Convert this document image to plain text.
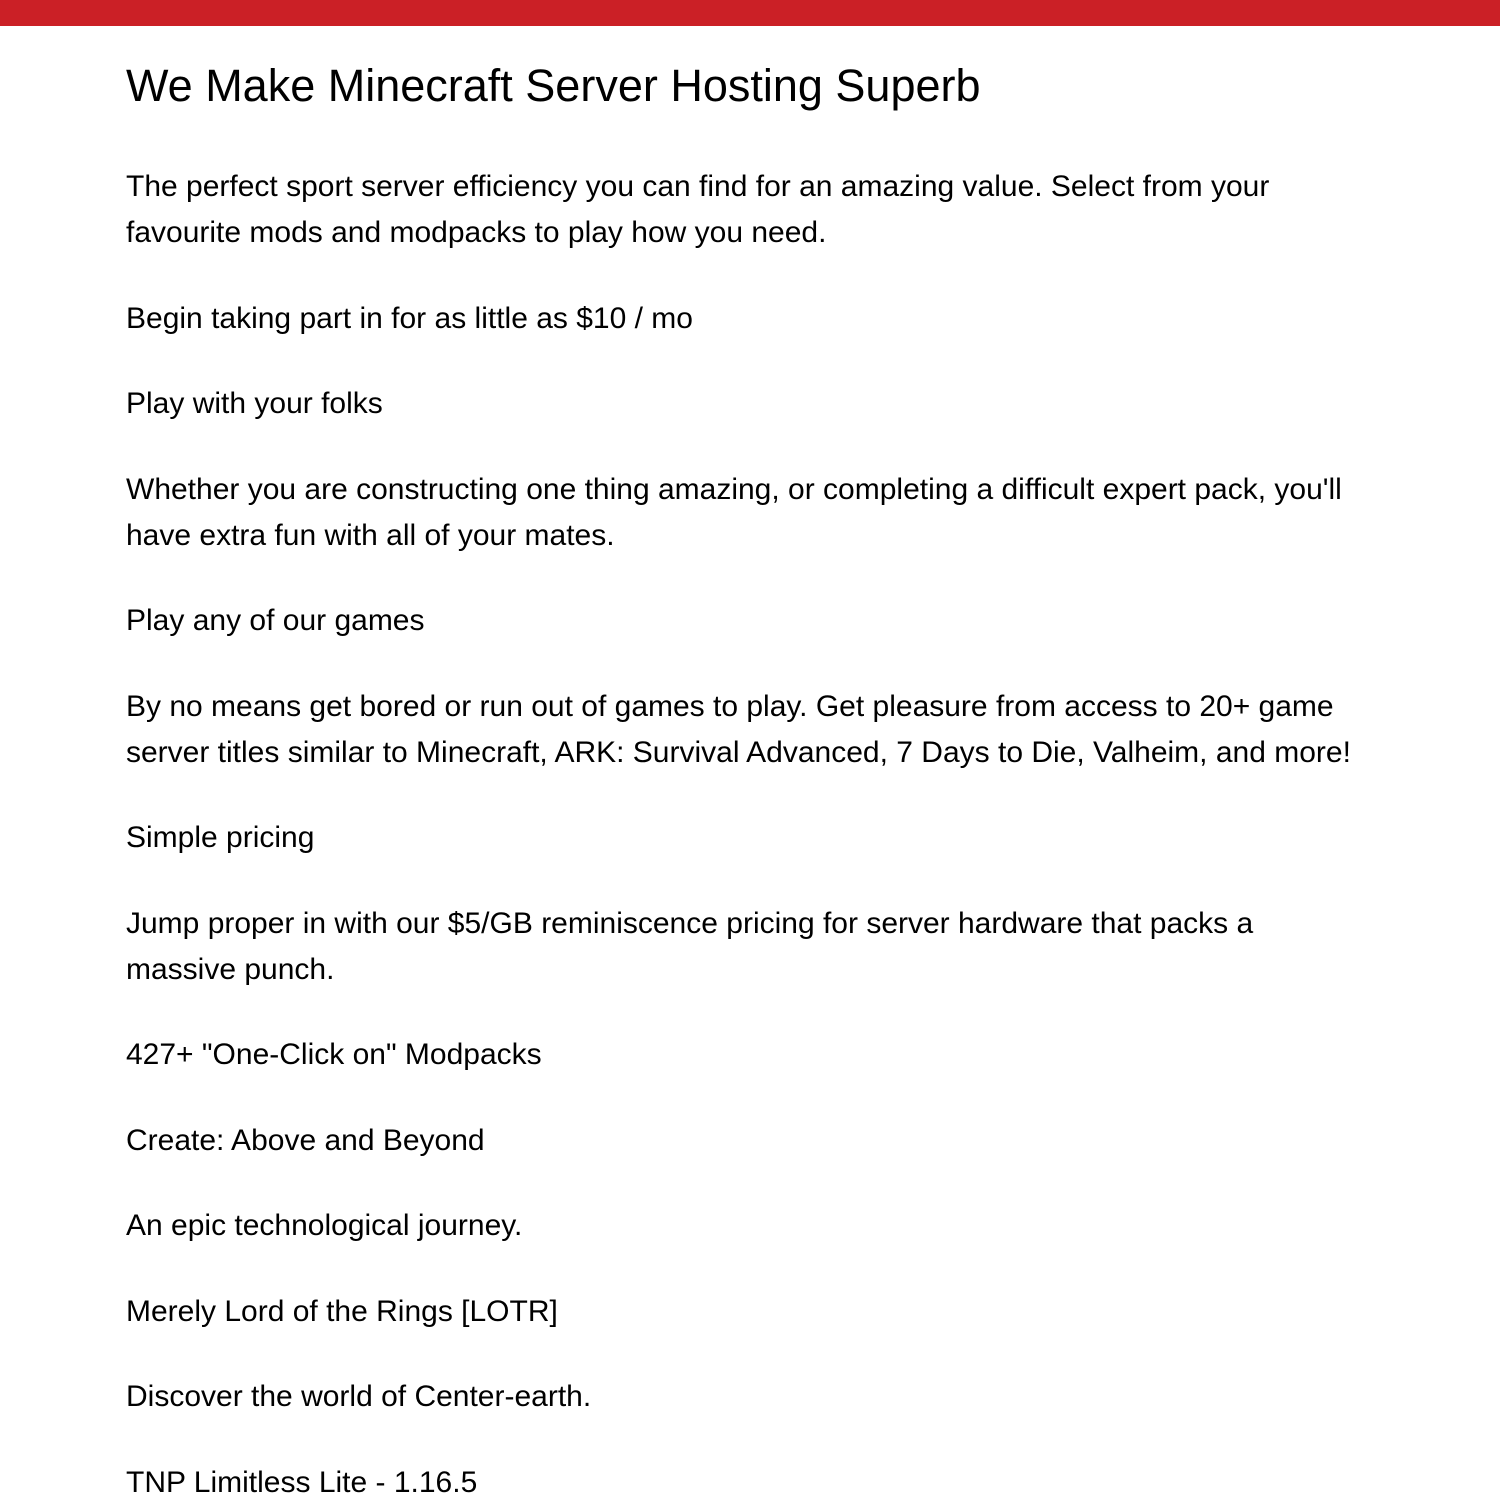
We Make Minecraft Server Hosting Superb

The perfect sport server efficiency you can find for an amazing value. Select from your favourite mods and modpacks to play how you need.

Begin taking part in for as little as $10 / mo

Play with your folks

Whether you are constructing one thing amazing, or completing a difficult expert pack, you'll have extra fun with all of your mates.

Play any of our games

By no means get bored or run out of games to play. Get pleasure from access to 20+ game server titles similar to Minecraft, ARK: Survival Advanced, 7 Days to Die, Valheim, and more!

Simple pricing

Jump proper in with our $5/GB reminiscence pricing for server hardware that packs a massive punch.

427+ "One-Click on" Modpacks

Create: Above and Beyond

An epic technological journey.

Merely Lord of the Rings [LOTR]

Discover the world of Center-earth.

TNP Limitless Lite - 1.16.5
